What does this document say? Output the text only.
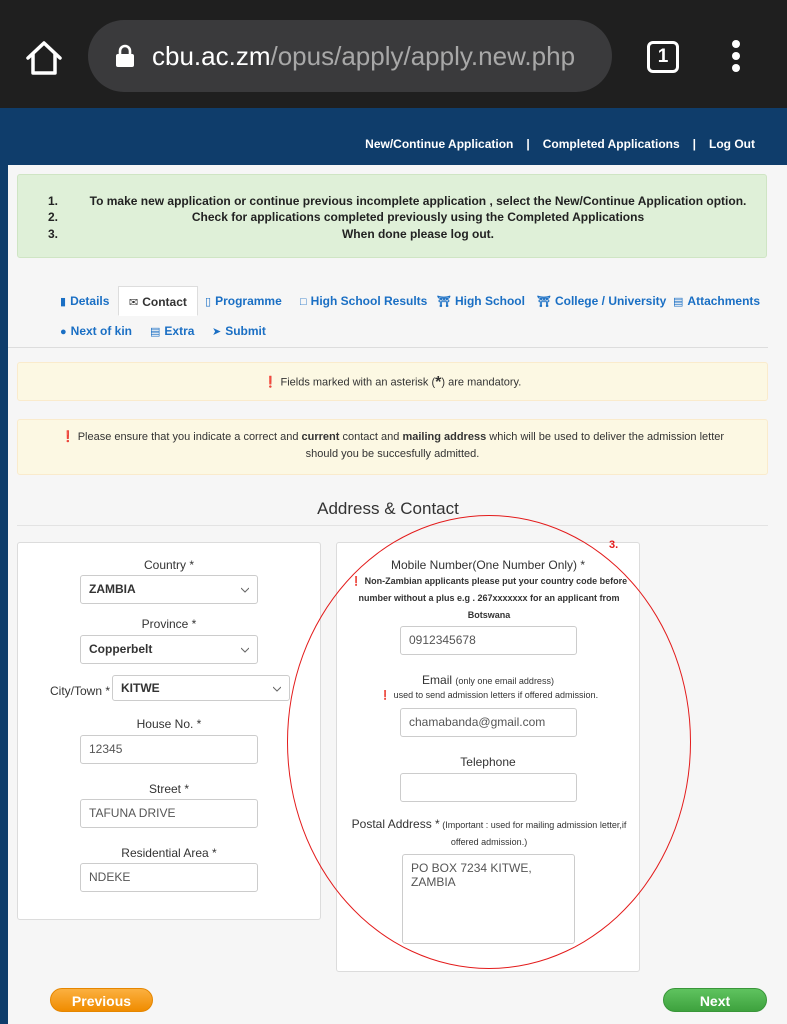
cbu.ac.zm/opus/apply/apply.new.php	1
New/Continue Application | Completed Applications | Log Out
1.	To make new application or continue previous incomplete application , select the New/Continue Application option.
2.	Check for applications completed previously using the Completed Applications
3.	When done please log out.
▮ Details	✉ Contact	▯ Programme □ High School Results ⛩ High School ⛩ College / University ▤ Attachments
● Next of kin ▤ Extra ➤ Submit
❗ Fields marked with an asterisk (*) are mandatory.
❗ Please ensure that you indicate a correct and current contact and mailing address which will be used to deliver the admission letter should you be succesfully admitted.
Address & Contact
Country *
ZAMBIA
Province *
Copperbelt
City/Town * KITWE
House No. *
12345
Street *
TAFUNA DRIVE
Residential Area *
NDEKE
Mobile Number(One Number Only) *
❗ Non-Zambian applicants please put your country code before number without a plus e.g . 267xxxxxxx for an applicant from Botswana
0912345678
Email (only one email address)
❗ used to send admission letters if offered admission.
chamabanda@gmail.com
Telephone
Postal Address * (Important : used for mailing admission letter,if offered admission.)
PO BOX 7234 KITWE, ZAMBIA
3.
Previous	Next
